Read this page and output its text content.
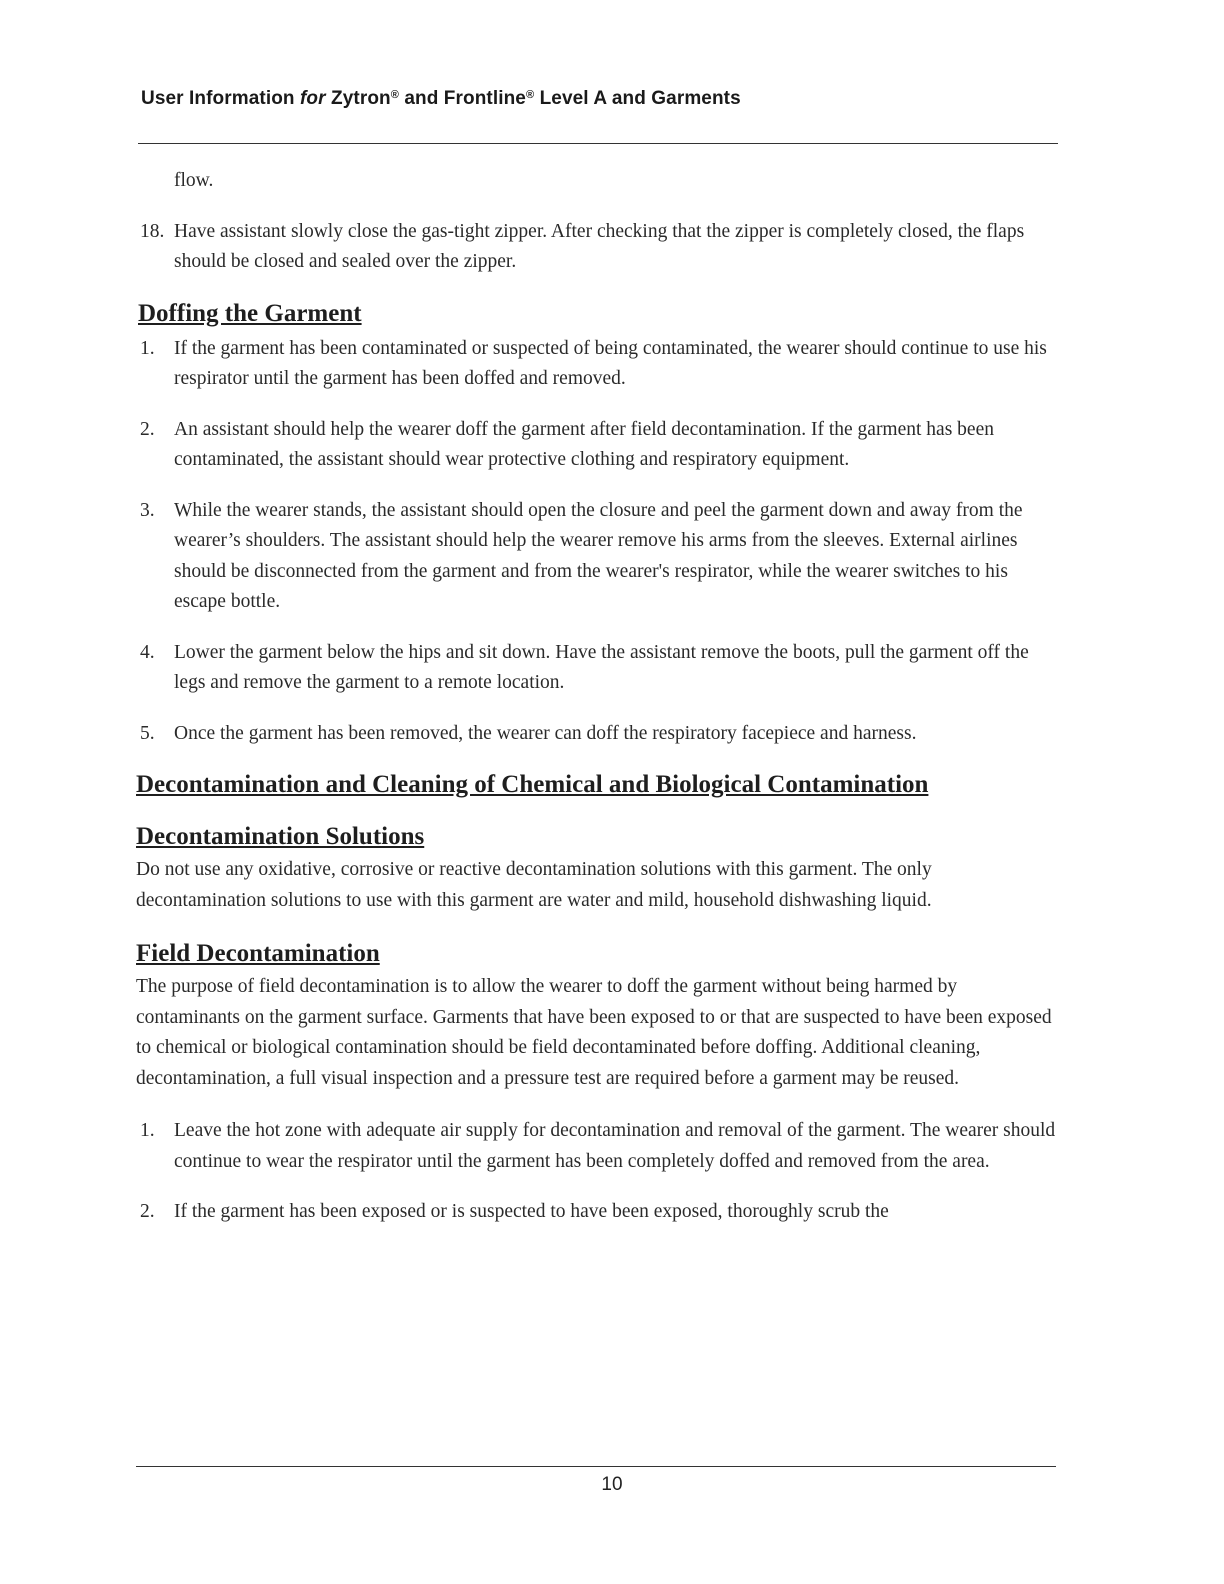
User Information for Zytron® and Frontline® Level A and Garments

flow.

18. Have assistant slowly close the gas-tight zipper. After checking that the zipper is completely closed, the flaps should be closed and sealed over the zipper.
Doffing the Garment
1. If the garment has been contaminated or suspected of being contaminated, the wearer should continue to use his respirator until the garment has been doffed and removed.
2. An assistant should help the wearer doff the garment after field decontamination. If the garment has been contaminated, the assistant should wear protective clothing and respiratory equipment.
3. While the wearer stands, the assistant should open the closure and peel the garment down and away from the wearer’s shoulders. The assistant should help the wearer remove his arms from the sleeves. External airlines should be disconnected from the garment and from the wearer's respirator, while the wearer switches to his escape bottle.
4. Lower the garment below the hips and sit down. Have the assistant remove the boots, pull the garment off the legs and remove the garment to a remote location.
5. Once the garment has been removed, the wearer can doff the respiratory facepiece and harness.
Decontamination and Cleaning of Chemical and Biological Contamination
Decontamination Solutions

Do not use any oxidative, corrosive or reactive decontamination solutions with this garment. The only decontamination solutions to use with this garment are water and mild, household dishwashing liquid.

Field Decontamination

The purpose of field decontamination is to allow the wearer to doff the garment without being harmed by contaminants on the garment surface. Garments that have been exposed to or that are suspected to have been exposed to chemical or biological contamination should be field decontaminated before doffing. Additional cleaning, decontamination, a full visual inspection and a pressure test are required before a garment may be reused.

1. Leave the hot zone with adequate air supply for decontamination and removal of the garment. The wearer should continue to wear the respirator until the garment has been completely doffed and removed from the area.
2. If the garment has been exposed or is suspected to have been exposed, thoroughly scrub the
10
